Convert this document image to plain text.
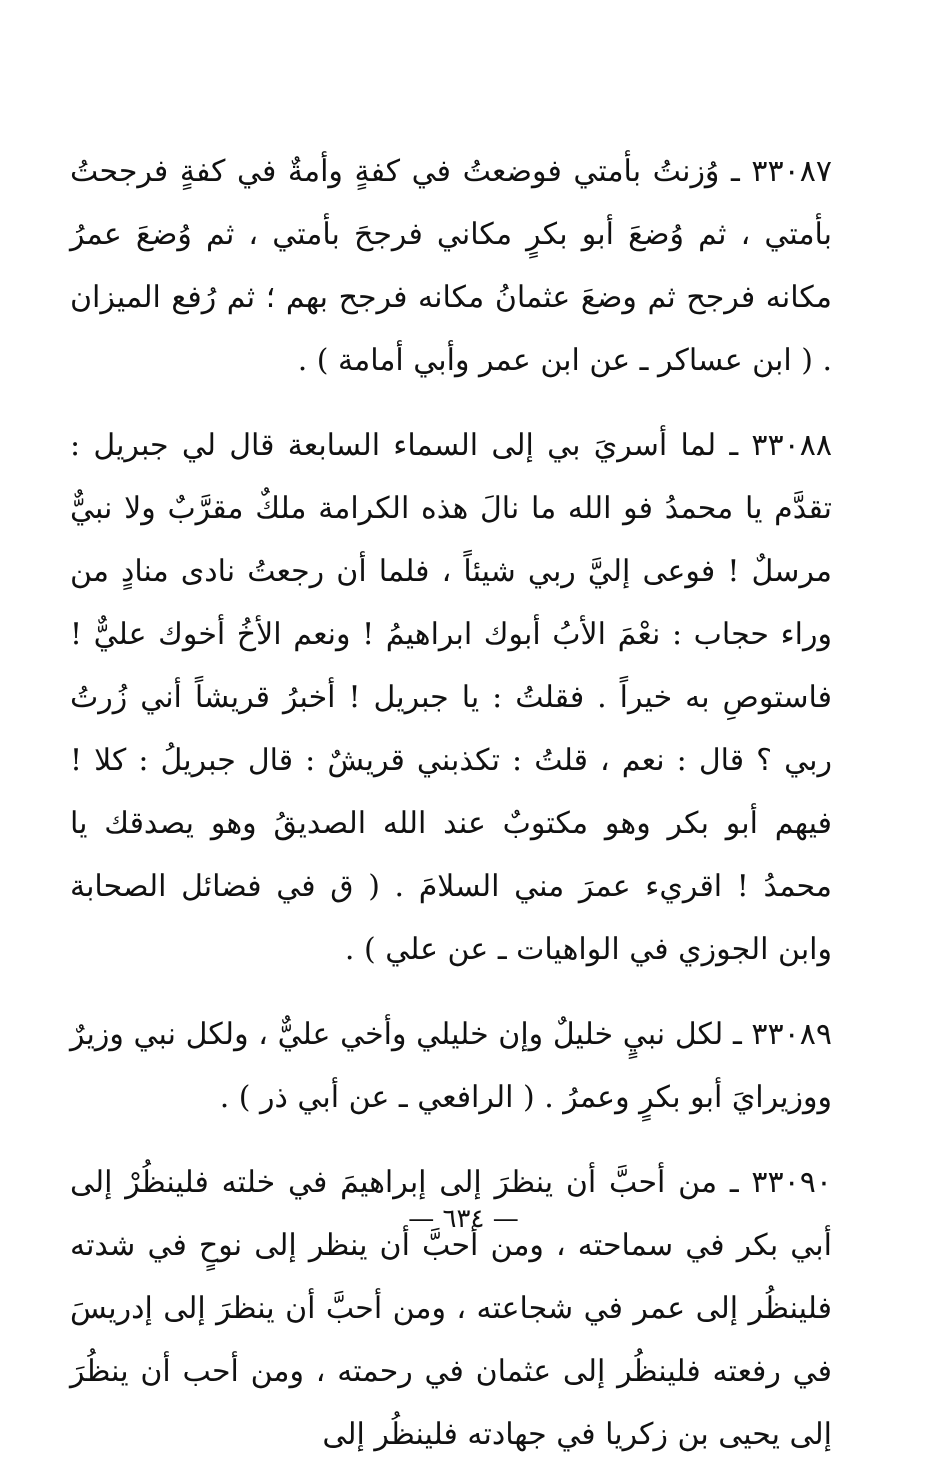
٣٣٠٨٧ ـ وُزنتُ بأمتي فوضعتُ في كفةٍ وأمةٌ في كفةٍ فرجحتُ بأمتي ، ثم وُضعَ أبو بكرٍ مكاني فرجحَ بأمتي ، ثم وُضعَ عمرُ مكانه فرجح ثم وضعَ عثمانُ مكانه فرجح بهم ؛ ثم رُفع الميزان . ( ابن عساكر ـ عن ابن عمر وأبي أمامة ) .

٣٣٠٨٨ ـ لما أسريَ بي إلى السماء السابعة قال لي جبريل : تقدَّم يا محمدُ فو الله ما نالَ هذه الكرامة ملكٌ مقرَّبٌ ولا نبيٌّ مرسلٌ ! فوعى إليَّ ربي شيئاً ، فلما أن رجعتُ نادى منادٍ من وراء حجاب : نعْمَ الأبُ أبوك ابراهيمُ ! ونعم الأخُ أخوك عليٌّ ! فاستوصِ به خيراً . فقلتُ : يا جبريل ! أخبرُ قريشاً أني زُرتُ ربي ؟ قال : نعم ، قلتُ : تكذبني قريشٌ : قال جبريلُ : كلا ! فيهم أبو بكر وهو مكتوبٌ عند الله الصديقُ وهو يصدقك يا محمدُ ! اقريء عمرَ مني السلامَ . ( ق في فضائل الصحابة وابن الجوزي في الواهيات ـ عن علي ) .

٣٣٠٨٩ ـ لكل نبيٍ خليلٌ وإن خليلي وأخي عليٌّ ، ولكل نبي وزيرٌ ووزيرايَ أبو بكرٍ وعمرُ . ( الرافعي ـ عن أبي ذر ) .

٣٣٠٩٠ ـ من أحبَّ أن ينظرَ إلى إبراهيمَ في خلته فلينظُرْ إلى أبي بكر في سماحته ، ومن أحبَّ أن ينظر إلى نوحٍ في شدته فلينظُر إلى عمر في شجاعته ، ومن أحبَّ أن ينظرَ إلى إدريسَ في رفعته فلينظُر إلى عثمان في رحمته ، ومن أحب أن ينظُرَ إلى يحيى بن زكريا في جهادته فلينظُر إلى

— ٦٣٤ —
